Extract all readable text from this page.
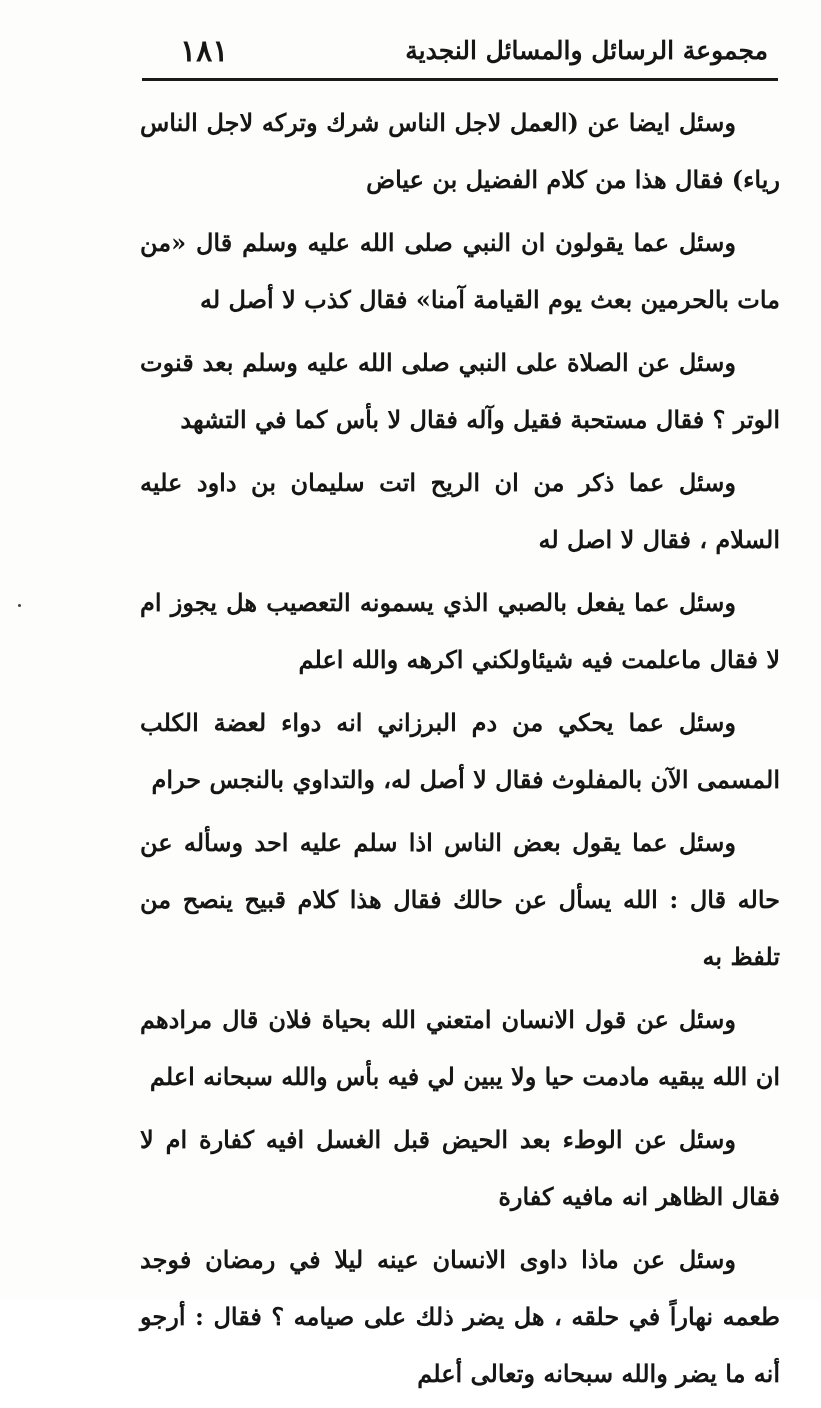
مجموعة الرسائل والمسائل النجدية
١٨١

وسئل ايضا عن (العمل لاجل الناس شرك وتركه لاجل الناس رياء) فقال هذا من كلام الفضيل بن عياض

وسئل عما يقولون ان النبي صلى الله عليه وسلم قال «من مات بالحرمين بعث يوم القيامة آمنا» فقال كذب لا أصل له

وسئل عن الصلاة على النبي صلى الله عليه وسلم بعد قنوت الوتر ؟ فقال مستحبة فقيل وآله فقال لا بأس كما في التشهد

وسئل عما ذكر من ان الريح اتت سليمان بن داود عليه السلام ، فقال لا اصل له

وسئل عما يفعل بالصبي الذي يسمونه التعصيب هل يجوز ام لا فقال ماعلمت فيه شيئاولكني اكرهه والله اعلم

وسئل عما يحكي من دم البرزاني انه دواء لعضة الكلب المسمى الآن بالمفلوث فقال لا أصل له، والتداوي بالنجس حرام

وسئل عما يقول بعض الناس اذا سلم عليه احد وسأله عن حاله قال : الله يسأل عن حالك فقال هذا كلام قبيح ينصح من تلفظ به

وسئل عن قول الانسان امتعني الله بحياة فلان قال مرادهم ان الله يبقيه مادمت حيا ولا يبين لي فيه بأس والله سبحانه اعلم

وسئل عن الوطء بعد الحيض قبل الغسل افيه كفارة ام لا فقال الظاهر انه مافيه كفارة

وسئل عن ماذا داوى الانسان عينه ليلا في رمضان فوجد طعمه نهاراً في حلقه ، هل يضر ذلك على صيامه ؟ فقال : أرجو أنه ما يضر والله سبحانه وتعالى أعلم
